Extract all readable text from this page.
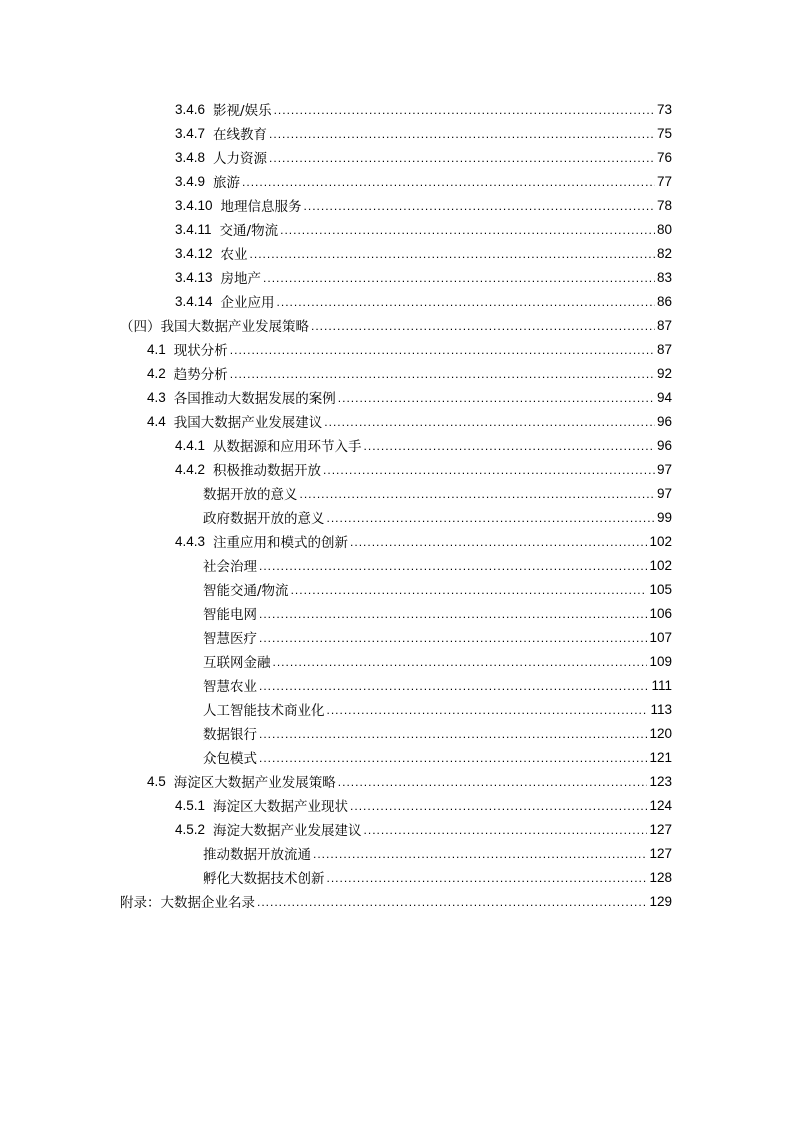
3.4.6 影视/娱乐 .....	73
3.4.7 在线教育 .....	75
3.4.8 人力资源 .....	76
3.4.9 旅游 .....	77
3.4.10 地理信息服务 .....	78
3.4.11 交通/物流 .....	80
3.4.12 农业 .....	82
3.4.13 房地产 .....	83
3.4.14 企业应用 .....	86
（四）我国大数据产业发展策略 .....	87
4.1 现状分析 .....	87
4.2 趋势分析 .....	92
4.3 各国推动大数据发展的案例 .....	94
4.4 我国大数据产业发展建议 .....	96
4.4.1 从数据源和应用环节入手 .....	96
4.4.2 积极推动数据开放 .....	97
数据开放的意义 .....	97
政府数据开放的意义 .....	99
4.4.3 注重应用和模式的创新 .....	102
社会治理 .....	102
智能交通/物流 .....	105
智能电网 .....	106
智慧医疗 .....	107
互联网金融 .....	109
智慧农业 .....	111
人工智能技术商业化 .....	113
数据银行 .....	120
众包模式 .....	121
4.5 海淀区大数据产业发展策略 .....	123
4.5.1 海淀区大数据产业现状 .....	124
4.5.2 海淀大数据产业发展建议 .....	127
推动数据开放流通 .....	127
孵化大数据技术创新 .....	128
附录：大数据企业名录 .....	129
